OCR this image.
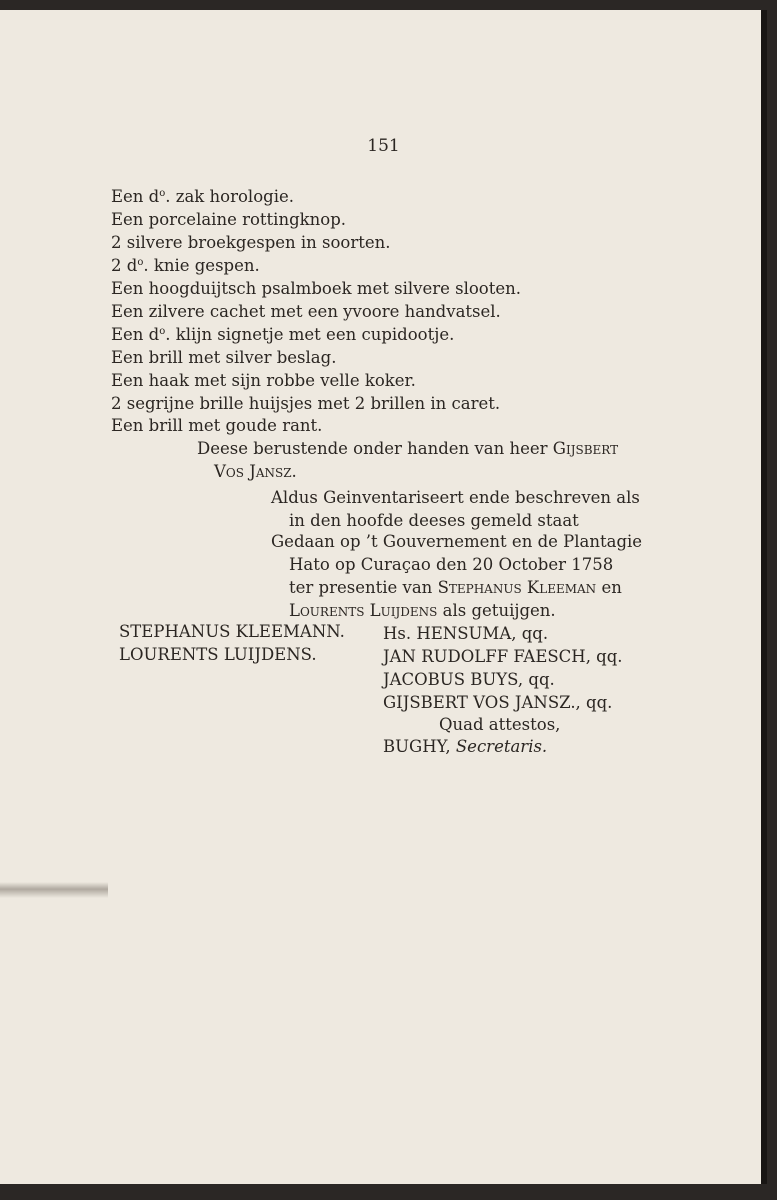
151
Een $d^o$. zak horologie.
Een porcelaine rottingknop.
2 silvere broekgespen in soorten.
2 $d^o$. knie gespen.
Een hoogduijtsch psalmboek met silvere slooten.
Een zilvere cachet met een yvoore handvatsel.
Een $d^o$. klijn signetje met een cupidootje.
Een brill met silver beslag.
Een haak met sijn robbe velle koker.
2 segrijne brille huijsjes met 2 brillen in caret.
Een brill met goude rant.
Deese berustende onder handen van heer Gijsbert
Vos Jansz.
Aldus Geinventariseert ende beschreven als
in den hoofde deeses gemeld staat
Gedaan op ’t Gouvernement en de Plantagie
Hato op Curaçao den 20 October 1758
ter presentie van Stephanus Kleeman en
Lourents Luijdens als getuijgen.
STEPHANUS KLEEMANN.
LOURENTS LUIJDENS.
Hs. HENSUMA, qq.
JAN RUDOLFF FAESCH, qq.
JACOBUS BUYS, qq.
GIJSBERT VOS JANSZ., qq.
Quad attestos,
BUGHY, Secretaris.
